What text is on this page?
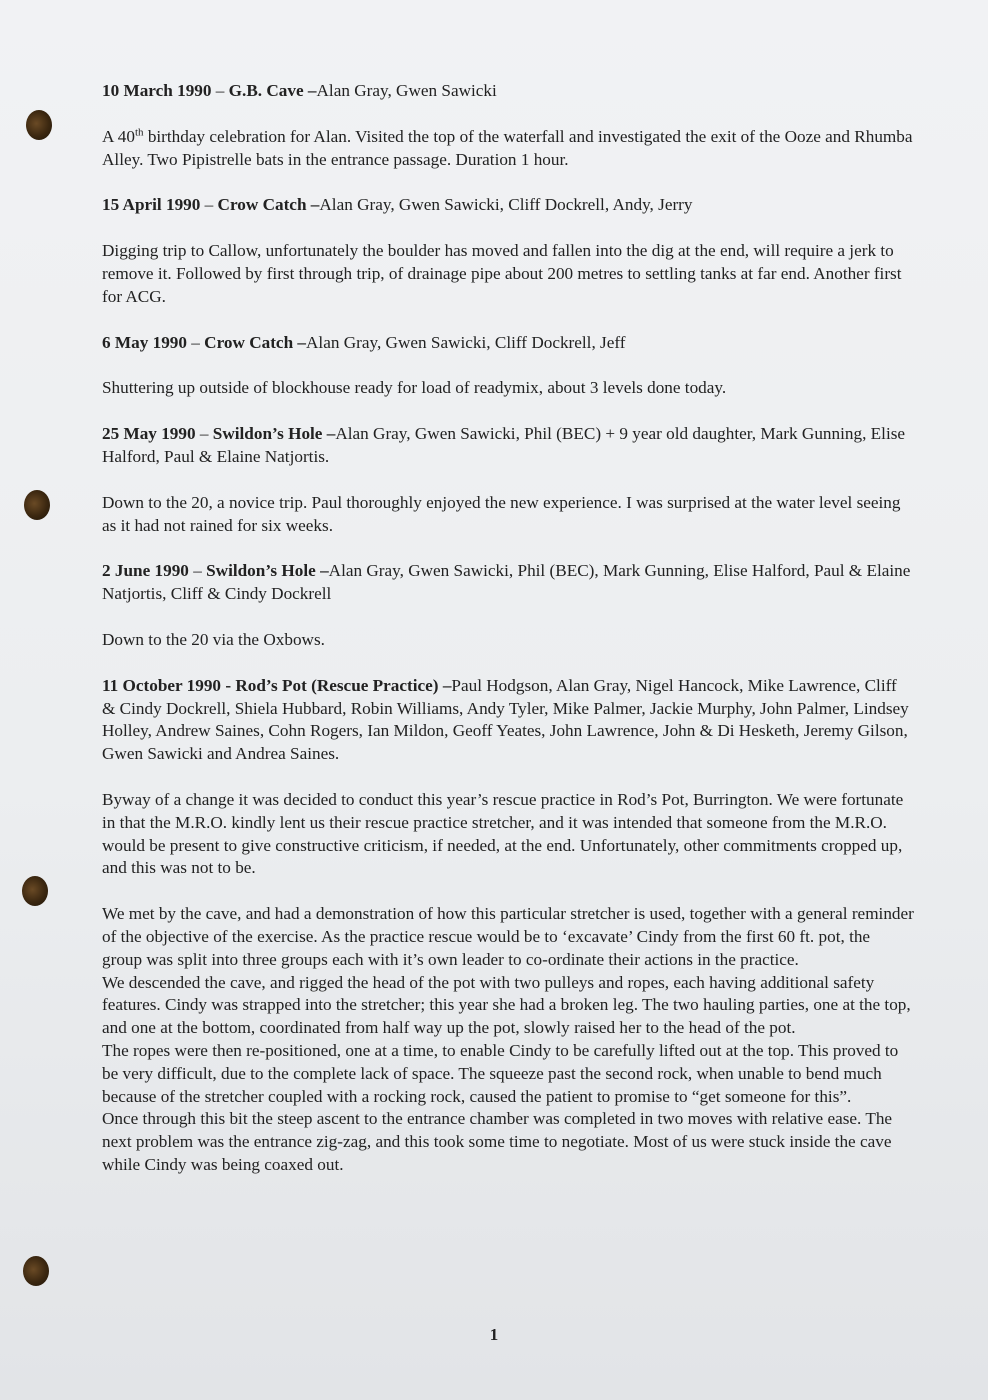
10 March 1990 – G.B. Cave –Alan Gray, Gwen Sawicki

A 40th birthday celebration for Alan. Visited the top of the waterfall and investigated the exit of the Ooze and Rhumba Alley. Two Pipistrelle bats in the entrance passage. Duration 1 hour.

15 April 1990 – Crow Catch –Alan Gray, Gwen Sawicki, Cliff Dockrell, Andy, Jerry

Digging trip to Callow, unfortunately the boulder has moved and fallen into the dig at the end, will require a jerk to remove it. Followed by first through trip, of drainage pipe about 200 metres to settling tanks at far end. Another first for ACG.

6 May 1990 – Crow Catch –Alan Gray, Gwen Sawicki, Cliff Dockrell, Jeff

Shuttering up outside of blockhouse ready for load of readymix, about 3 levels done today.

25 May 1990 – Swildon’s Hole –Alan Gray, Gwen Sawicki, Phil (BEC) + 9 year old daughter, Mark Gunning, Elise Halford, Paul & Elaine Natjortis.

Down to the 20, a novice trip. Paul thoroughly enjoyed the new experience. I was surprised at the water level seeing as it had not rained for six weeks.

2 June 1990 – Swildon’s Hole –Alan Gray, Gwen Sawicki, Phil (BEC), Mark Gunning, Elise Halford, Paul & Elaine Natjortis, Cliff & Cindy Dockrell

Down to the 20 via the Oxbows.

11 October 1990 - Rod’s Pot (Rescue Practice) –Paul Hodgson, Alan Gray, Nigel Hancock, Mike Lawrence, Cliff & Cindy Dockrell, Shiela Hubbard, Robin Williams, Andy Tyler, Mike Palmer, Jackie Murphy, John Palmer, Lindsey Holley, Andrew Saines, Cohn Rogers, Ian Mildon, Geoff Yeates, John Lawrence, John & Di Hesketh, Jeremy Gilson, Gwen Sawicki and Andrea Saines.

Byway of a change it was decided to conduct this year’s rescue practice in Rod’s Pot, Burrington. We were fortunate in that the M.R.O. kindly lent us their rescue practice stretcher, and it was intended that someone from the M.R.O. would be present to give constructive criticism, if needed, at the end. Unfortunately, other commitments cropped up, and this was not to be.

We met by the cave, and had a demonstration of how this particular stretcher is used, together with a general reminder of the objective of the exercise. As the practice rescue would be to ‘excavate’ Cindy from the first 60 ft. pot, the group was split into three groups each with it’s own leader to co-ordinate their actions in the practice.

We descended the cave, and rigged the head of the pot with two pulleys and ropes, each having additional safety features. Cindy was strapped into the stretcher; this year she had a broken leg. The two hauling parties, one at the top, and one at the bottom, coordinated from half way up the pot, slowly raised her to the head of the pot.

The ropes were then re-positioned, one at a time, to enable Cindy to be carefully lifted out at the top. This proved to be very difficult, due to the complete lack of space. The squeeze past the second rock, when unable to bend much because of the stretcher coupled with a rocking rock, caused the patient to promise to “get someone for this”.

Once through this bit the steep ascent to the entrance chamber was completed in two moves with relative ease. The next problem was the entrance zig-zag, and this took some time to negotiate. Most of us were stuck inside the cave while Cindy was being coaxed out.

1
